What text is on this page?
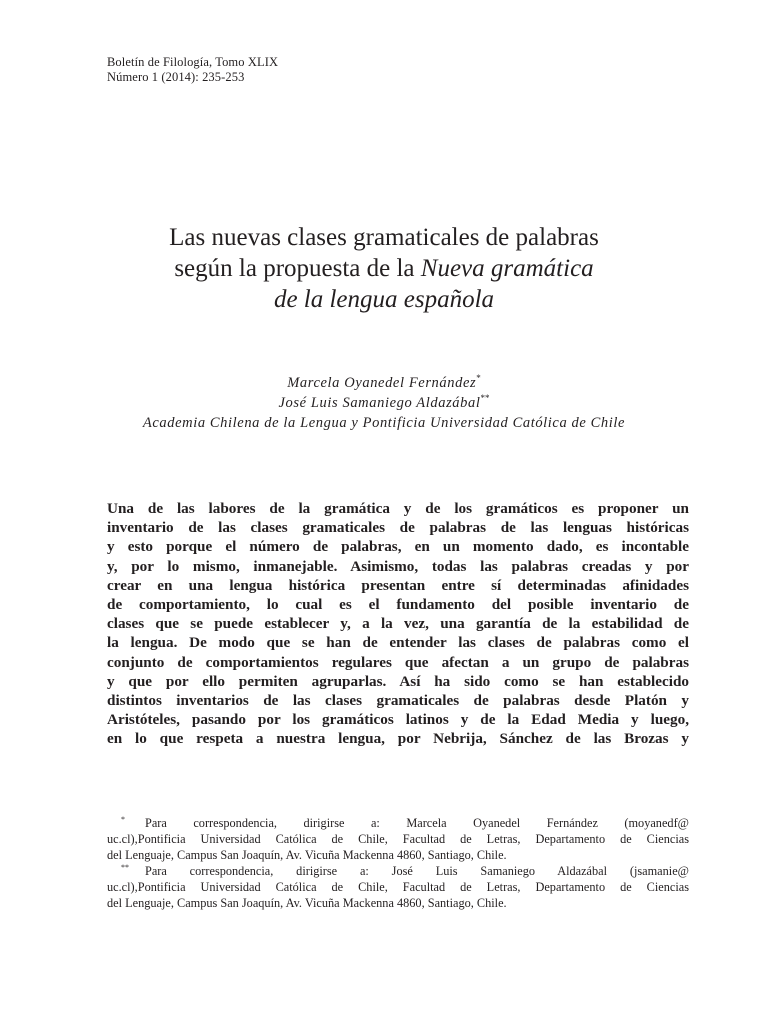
Boletín de Filología, Tomo XLIX
Número 1 (2014): 235-253
Las nuevas clases gramaticales de palabras
según la propuesta de la Nueva gramática
de la lengua española
Marcela Oyanedel Fernández*
José Luis Samaniego Aldazábal**
Academia Chilena de la Lengua y Pontificia Universidad Católica de Chile
Una de las labores de la gramática y de los gramáticos es proponer un
inventario de las clases gramaticales de palabras de las lenguas históricas
y esto porque el número de palabras, en un momento dado, es incontable
y, por lo mismo, inmanejable. Asimismo, todas las palabras creadas y por
crear en una lengua histórica presentan entre sí determinadas afinidades
de comportamiento, lo cual es el fundamento del posible inventario de
clases que se puede establecer y, a la vez, una garantía de la estabilidad de
la lengua. De modo que se han de entender las clases de palabras como el
conjunto de comportamientos regulares que afectan a un grupo de palabras
y que por ello permiten agruparlas. Así ha sido como se han establecido
distintos inventarios de las clases gramaticales de palabras desde Platón y
Aristóteles, pasando por los gramáticos latinos y de la Edad Media y luego,
en lo que respeta a nuestra lengua, por Nebrija, Sánchez de las Brozas y
* Para correspondencia, dirigirse a: Marcela Oyanedel Fernández (moyanedf@
uc.cl),Pontificia Universidad Católica de Chile, Facultad de Letras, Departamento de Ciencias
del Lenguaje, Campus San Joaquín, Av. Vicuña Mackenna 4860, Santiago, Chile.
** Para correspondencia, dirigirse a: José Luis Samaniego Aldazábal (jsamanie@
uc.cl),Pontificia Universidad Católica de Chile, Facultad de Letras, Departamento de Ciencias
del Lenguaje, Campus San Joaquín, Av. Vicuña Mackenna 4860, Santiago, Chile.
